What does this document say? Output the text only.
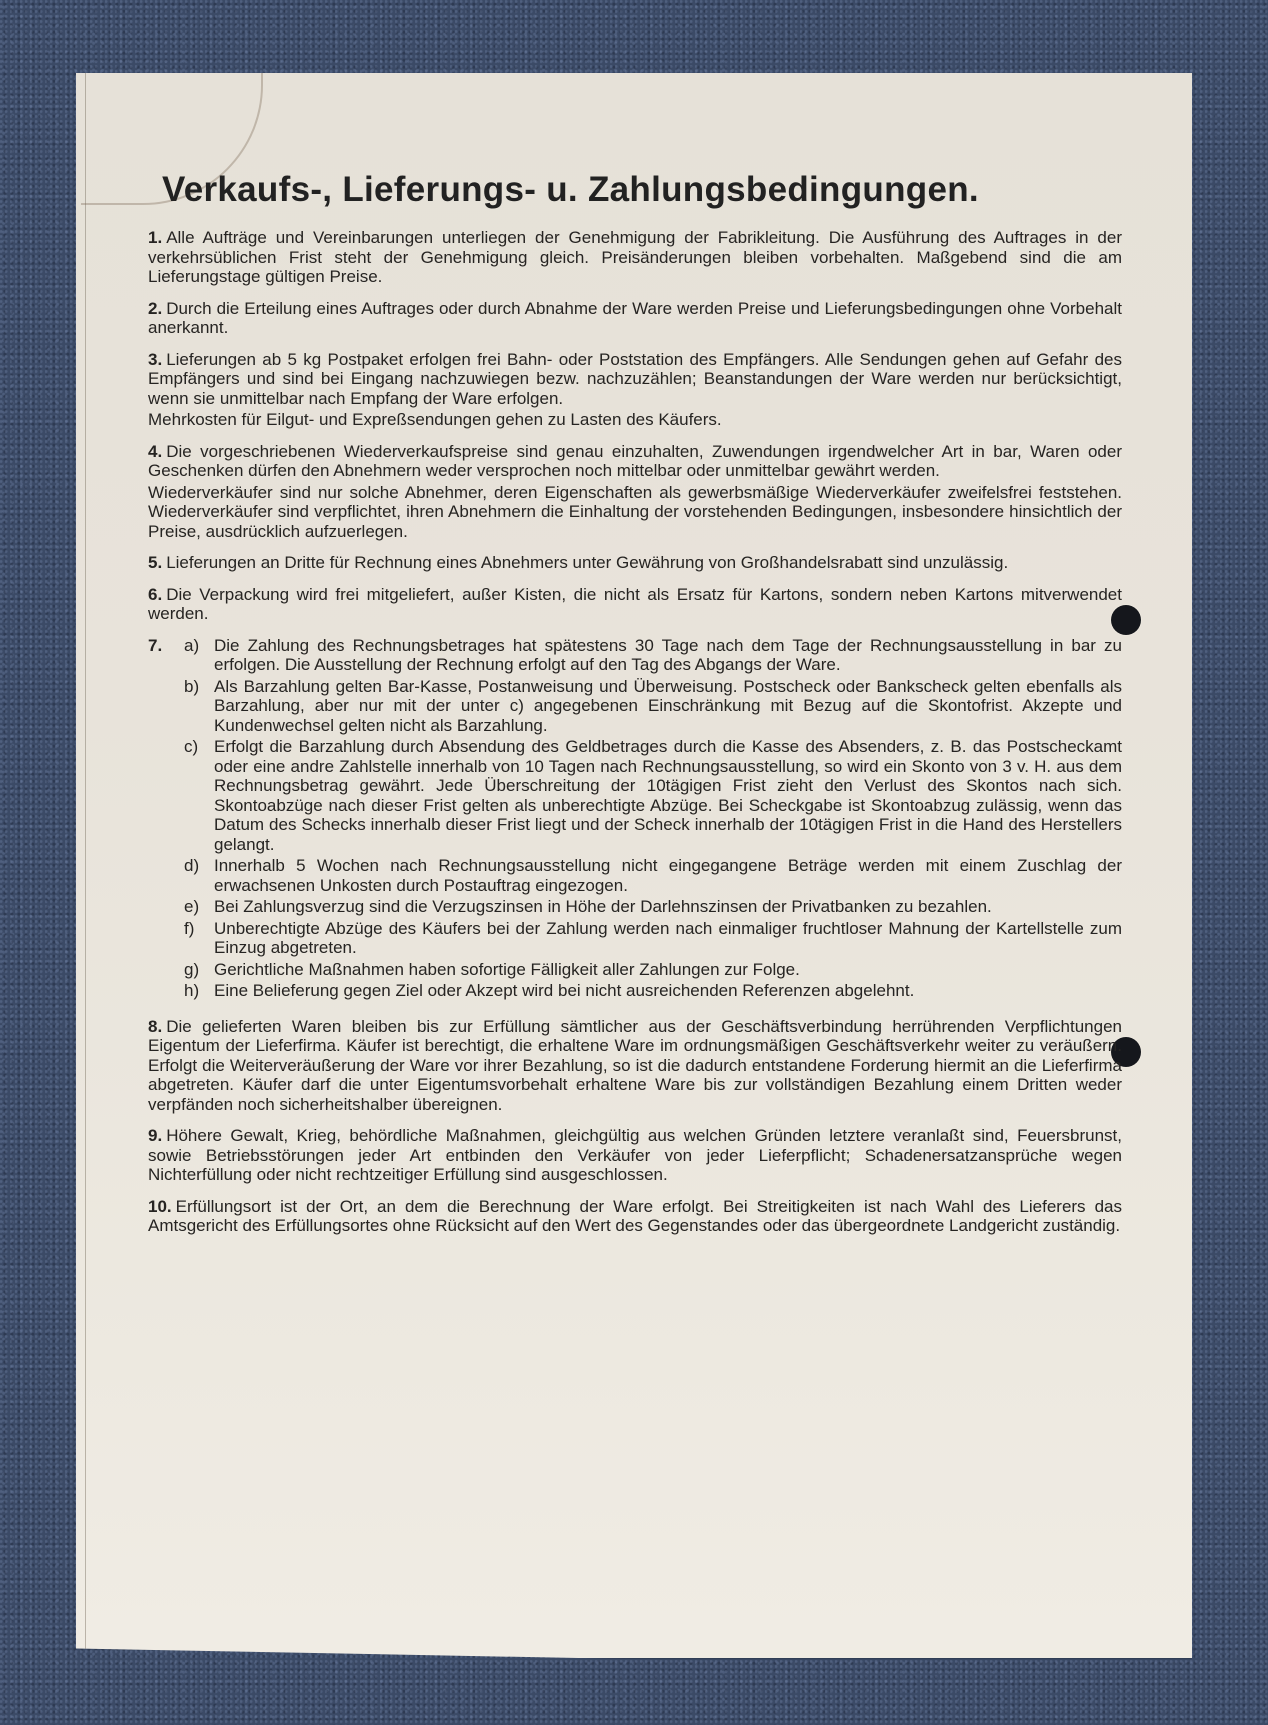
Verkaufs-, Lieferungs- u. Zahlungsbedingungen.

1. Alle Aufträge und Vereinbarungen unterliegen der Genehmigung der Fabrikleitung. Die Ausführung des Auftrages in der verkehrsüblichen Frist steht der Genehmigung gleich. Preisänderungen bleiben vorbehalten. Maßgebend sind die am Lieferungstage gültigen Preise.

2. Durch die Erteilung eines Auftrages oder durch Abnahme der Ware werden Preise und Lieferungsbedingungen ohne Vorbehalt anerkannt.

3. Lieferungen ab 5 kg Postpaket erfolgen frei Bahn- oder Poststation des Empfängers. Alle Sendungen gehen auf Gefahr des Empfängers und sind bei Eingang nachzuwiegen bezw. nachzuzählen; Beanstandungen der Ware werden nur berücksichtigt, wenn sie unmittelbar nach Empfang der Ware erfolgen.

Mehrkosten für Eilgut- und Expreßsendungen gehen zu Lasten des Käufers.

4. Die vorgeschriebenen Wiederverkaufspreise sind genau einzuhalten, Zuwendungen irgendwelcher Art in bar, Waren oder Geschenken dürfen den Abnehmern weder versprochen noch mittelbar oder unmittelbar gewährt werden.

Wiederverkäufer sind nur solche Abnehmer, deren Eigenschaften als gewerbsmäßige Wiederverkäufer zweifelsfrei feststehen. Wiederverkäufer sind verpflichtet, ihren Abnehmern die Einhaltung der vorstehenden Bedingungen, insbesondere hinsichtlich der Preise, ausdrücklich aufzuerlegen.

5. Lieferungen an Dritte für Rechnung eines Abnehmers unter Gewährung von Großhandelsrabatt sind unzulässig.

6. Die Verpackung wird frei mitgeliefert, außer Kisten, die nicht als Ersatz für Kartons, sondern neben Kartons mitverwendet werden.

7.	a) Die Zahlung des Rechnungsbetrages hat spätestens 30 Tage nach dem Tage der Rechnungsausstellung in bar zu erfolgen. Die Ausstellung der Rechnung erfolgt auf den Tag des Abgangs der Ware.
b) Als Barzahlung gelten Bar-Kasse, Postanweisung und Überweisung. Postscheck oder Bankscheck gelten ebenfalls als Barzahlung, aber nur mit der unter c) angegebenen Einschränkung mit Bezug auf die Skontofrist. Akzepte und Kundenwechsel gelten nicht als Barzahlung.
c) Erfolgt die Barzahlung durch Absendung des Geldbetrages durch die Kasse des Absenders, z. B. das Postscheckamt oder eine andre Zahlstelle innerhalb von 10 Tagen nach Rechnungsausstellung, so wird ein Skonto von 3 v. H. aus dem Rechnungsbetrag gewährt. Jede Überschreitung der 10tägigen Frist zieht den Verlust des Skontos nach sich. Skontoabzüge nach dieser Frist gelten als unberechtigte Abzüge. Bei Scheckgabe ist Skontoabzug zulässig, wenn das Datum des Schecks innerhalb dieser Frist liegt und der Scheck innerhalb der 10tägigen Frist in die Hand des Herstellers gelangt.
d) Innerhalb 5 Wochen nach Rechnungsausstellung nicht eingegangene Beträge werden mit einem Zuschlag der erwachsenen Unkosten durch Postauftrag eingezogen.
e) Bei Zahlungsverzug sind die Verzugszinsen in Höhe der Darlehnszinsen der Privatbanken zu bezahlen.
f)	Unberechtigte Abzüge des Käufers bei der Zahlung werden nach einmaliger fruchtloser Mahnung der Kartellstelle zum Einzug abgetreten.
g) Gerichtliche Maßnahmen haben sofortige Fälligkeit aller Zahlungen zur Folge.
h) Eine Belieferung gegen Ziel oder Akzept wird bei nicht ausreichenden Referenzen abgelehnt.

8. Die gelieferten Waren bleiben bis zur Erfüllung sämtlicher aus der Geschäftsverbindung herrührenden Verpflichtungen Eigentum der Lieferfirma. Käufer ist berechtigt, die erhaltene Ware im ordnungsmäßigen Geschäftsverkehr weiter zu veräußern. Erfolgt die Weiterveräußerung der Ware vor ihrer Bezahlung, so ist die dadurch entstandene Forderung hiermit an die Lieferfirma abgetreten. Käufer darf die unter Eigentumsvorbehalt erhaltene Ware bis zur vollständigen Bezahlung einem Dritten weder verpfänden noch sicherheitshalber übereignen.

9. Höhere Gewalt, Krieg, behördliche Maßnahmen, gleichgültig aus welchen Gründen letztere veranlaßt sind, Feuersbrunst, sowie Betriebsstörungen jeder Art entbinden den Verkäufer von jeder Lieferpflicht; Schadenersatzansprüche wegen Nichterfüllung oder nicht rechtzeitiger Erfüllung sind ausgeschlossen.

10. Erfüllungsort ist der Ort, an dem die Berechnung der Ware erfolgt. Bei Streitigkeiten ist nach Wahl des Lieferers das Amtsgericht des Erfüllungsortes ohne Rücksicht auf den Wert des Gegenstandes oder das übergeordnete Landgericht zuständig.
